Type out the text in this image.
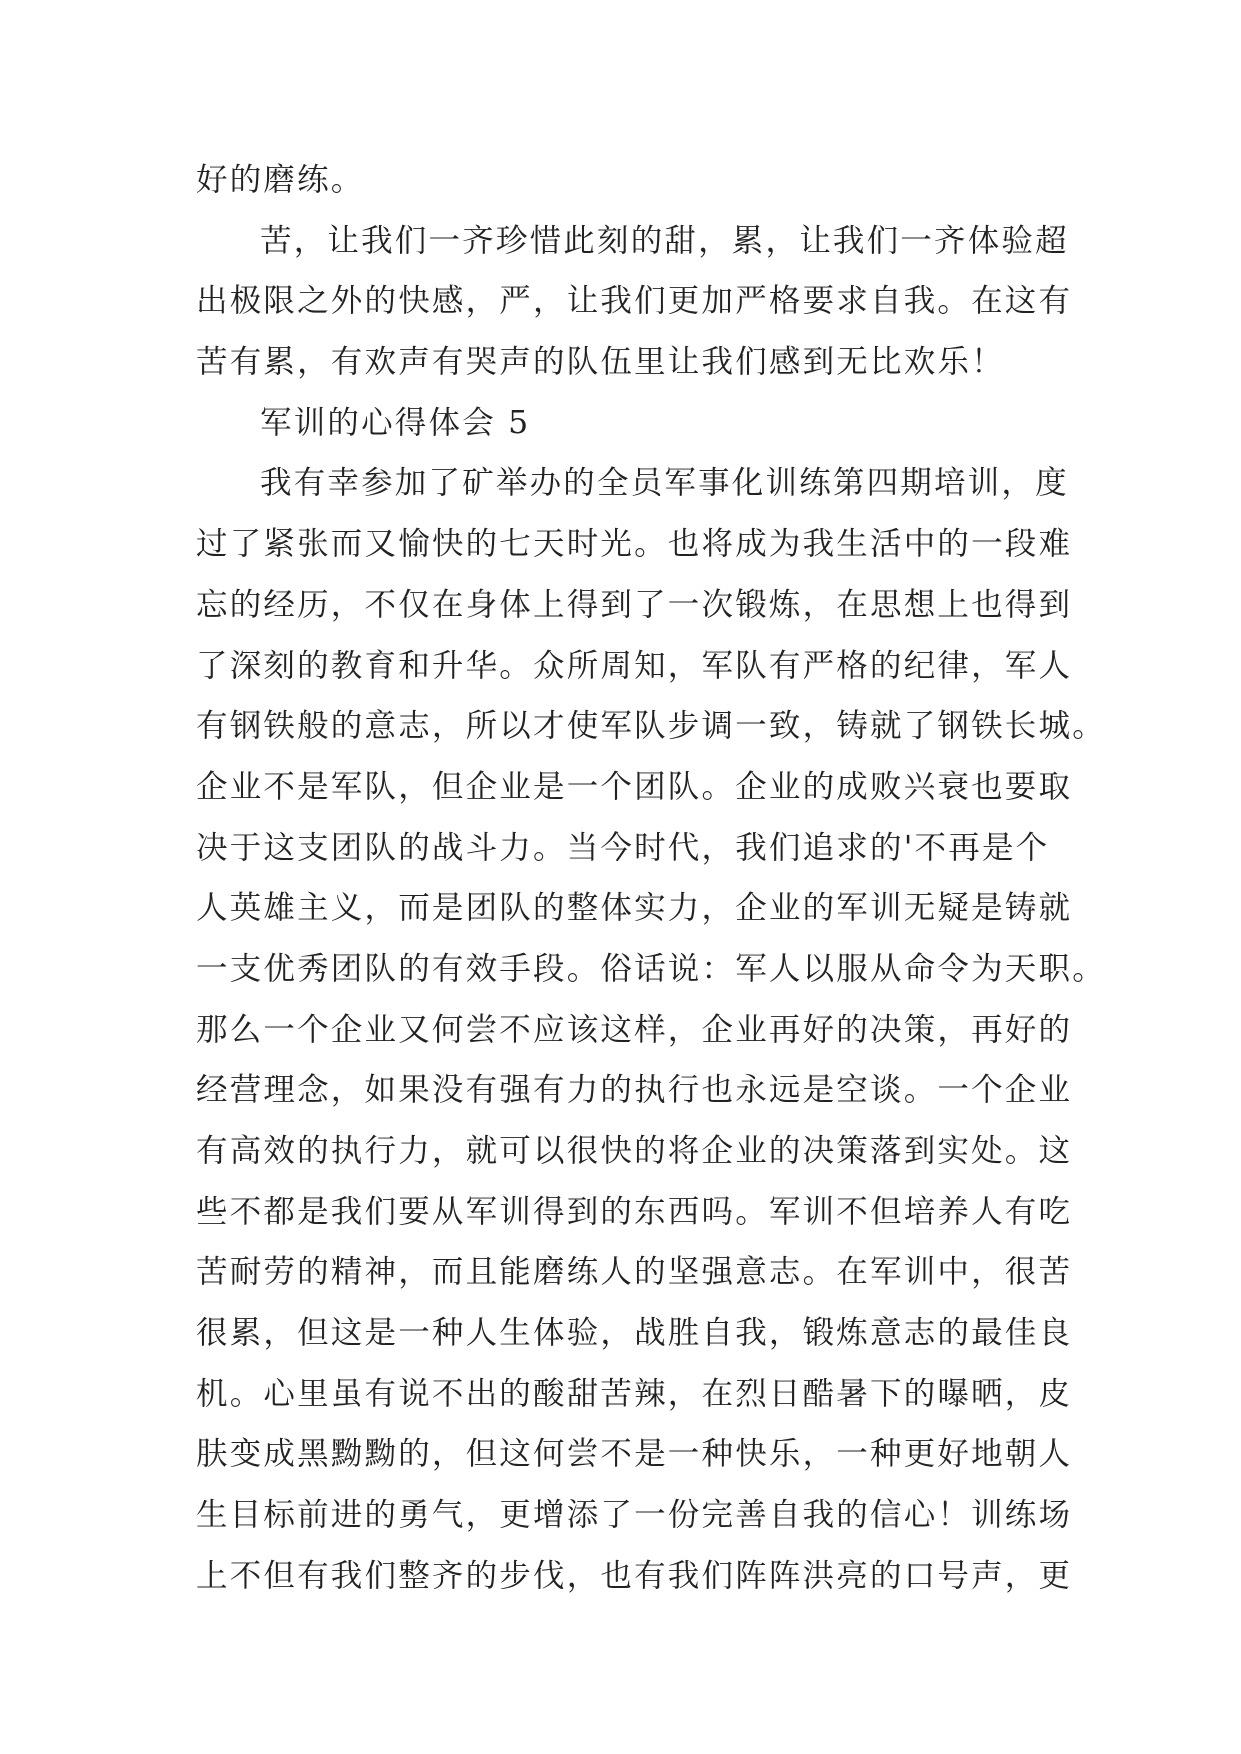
好的磨练。
苦，让我们一齐珍惜此刻的甜，累，让我们一齐体验超
出极限之外的快感，严，让我们更加严格要求自我。在这有
苦有累，有欢声有哭声的队伍里让我们感到无比欢乐！
军训的心得体会 5
我有幸参加了矿举办的全员军事化训练第四期培训，度
过了紧张而又愉快的七天时光。也将成为我生活中的一段难
忘的经历，不仅在身体上得到了一次锻炼，在思想上也得到
了深刻的教育和升华。众所周知，军队有严格的纪律，军人
有钢铁般的意志，所以才使军队步调一致，铸就了钢铁长城。
企业不是军队，但企业是一个团队。企业的成败兴衰也要取
决于这支团队的战斗力。当今时代，我们追求的'不再是个
人英雄主义，而是团队的整体实力，企业的军训无疑是铸就
一支优秀团队的有效手段。俗话说：军人以服从命令为天职。
那么一个企业又何尝不应该这样，企业再好的决策，再好的
经营理念，如果没有强有力的执行也永远是空谈。一个企业
有高效的执行力，就可以很快的将企业的决策落到实处。这
些不都是我们要从军训得到的东西吗。军训不但培养人有吃
苦耐劳的精神，而且能磨练人的坚强意志。在军训中，很苦
很累，但这是一种人生体验，战胜自我，锻炼意志的最佳良
机。心里虽有说不出的酸甜苦辣，在烈日酷暑下的曝晒，皮
肤变成黑黝黝的，但这何尝不是一种快乐，一种更好地朝人
生目标前进的勇气，更增添了一份完善自我的信心！训练场
上不但有我们整齐的步伐，也有我们阵阵洪亮的口号声，更
